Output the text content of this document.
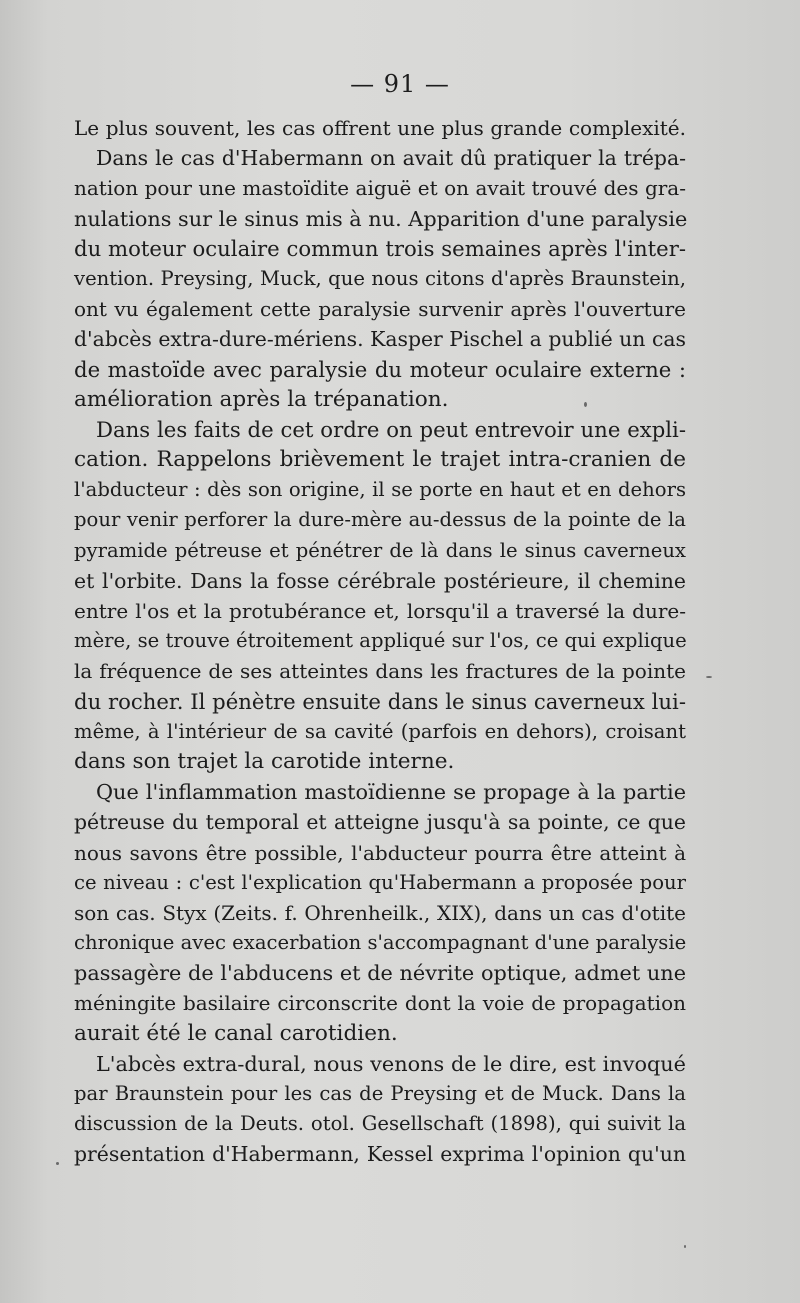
— 91 —
Le plus souvent, les cas offrent une plus grande complexité.
Dans le cas d'Habermann on avait dû pratiquer la trépa-
nation pour une mastoïdite aiguë et on avait trouvé des gra-
nulations sur le sinus mis à nu. Apparition d'une paralysie
du moteur oculaire commun trois semaines après l'inter-
vention. Preysing, Muck, que nous citons d'après Braunstein,
ont vu également cette paralysie survenir après l'ouverture
d'abcès extra-dure-mériens. Kasper Pischel a publié un cas
de mastoïde avec paralysie du moteur oculaire externe :
amélioration après la trépanation.
Dans les faits de cet ordre on peut entrevoir une expli-
cation. Rappelons brièvement le trajet intra-cranien de
l'abducteur : dès son origine, il se porte en haut et en dehors
pour venir perforer la dure-mère au-dessus de la pointe de la
pyramide pétreuse et pénétrer de là dans le sinus caverneux
et l'orbite. Dans la fosse cérébrale postérieure, il chemine
entre l'os et la protubérance et, lorsqu'il a traversé la dure-
mère, se trouve étroitement appliqué sur l'os, ce qui explique
la fréquence de ses atteintes dans les fractures de la pointe
du rocher. Il pénètre ensuite dans le sinus caverneux lui-
même, à l'intérieur de sa cavité (parfois en dehors), croisant
dans son trajet la carotide interne.
Que l'inflammation mastoïdienne se propage à la partie
pétreuse du temporal et atteigne jusqu'à sa pointe, ce que
nous savons être possible, l'abducteur pourra être atteint à
ce niveau : c'est l'explication qu'Habermann a proposée pour
son cas. Styx (Zeits. f. Ohrenheilk., XIX), dans un cas d'otite
chronique avec exacerbation s'accompagnant d'une paralysie
passagère de l'abducens et de névrite optique, admet une
méningite basilaire circonscrite dont la voie de propagation
aurait été le canal carotidien.
L'abcès extra-dural, nous venons de le dire, est invoqué
par Braunstein pour les cas de Preysing et de Muck. Dans la
discussion de la Deuts. otol. Gesellschaft (1898), qui suivit la
présentation d'Habermann, Kessel exprima l'opinion qu'un
